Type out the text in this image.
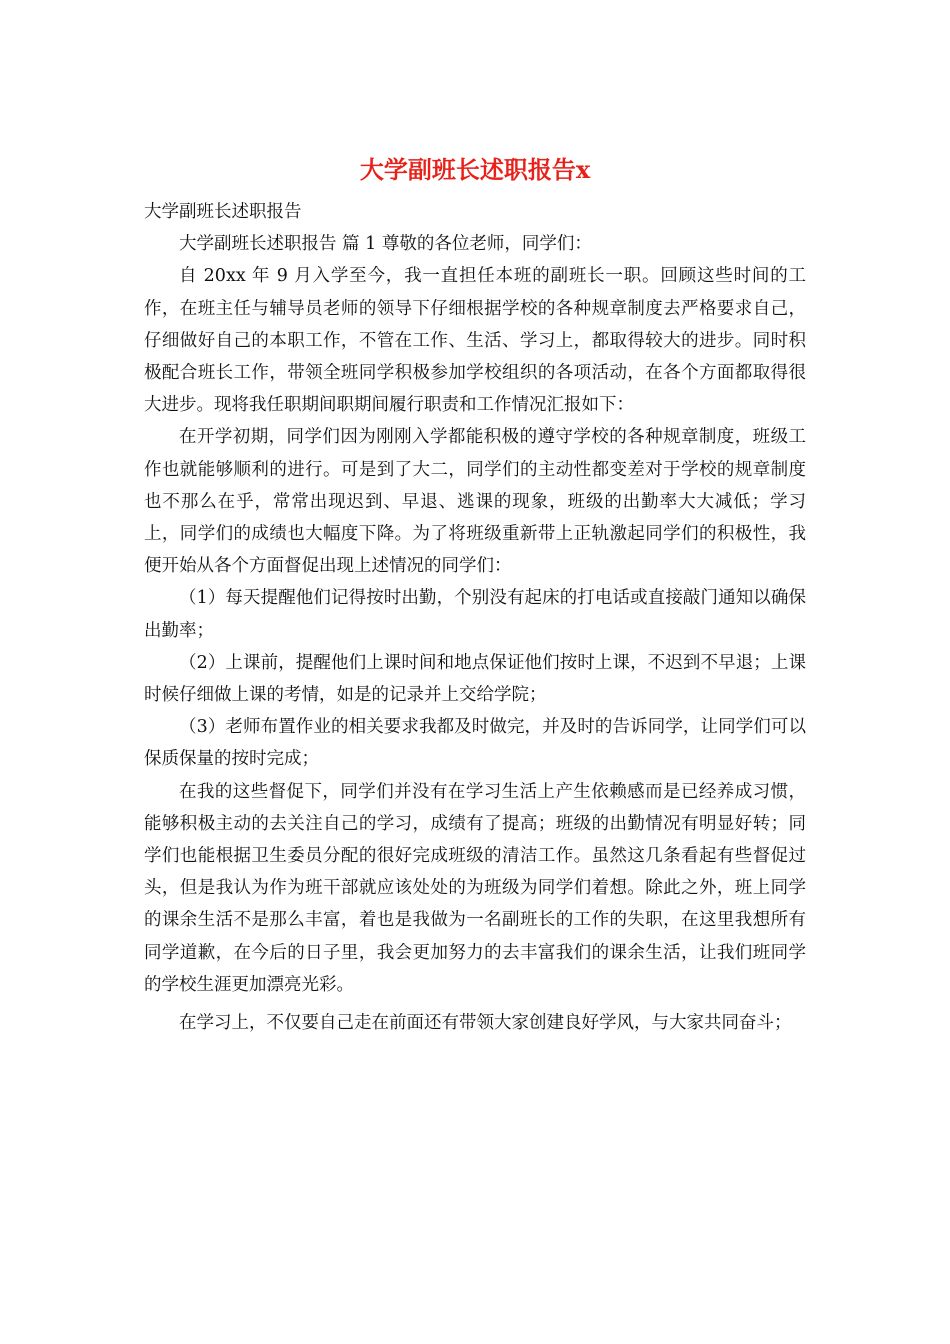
大学副班长述职报告x

大学副班长述职报告

大学副班长述职报告 篇 1 尊敬的各位老师，同学们：

自 20xx 年 9 月入学至今，我一直担任本班的副班长一职。回顾这些时间的工作，在班主任与辅导员老师的领导下仔细根据学校的各种规章制度去严格要求自己，仔细做好自己的本职工作，不管在工作、生活、学习上，都取得较大的进步。同时积极配合班长工作，带领全班同学积极参加学校组织的各项活动，在各个方面都取得很大进步。现将我任职期间职期间履行职责和工作情况汇报如下：

在开学初期，同学们因为刚刚入学都能积极的遵守学校的各种规章制度，班级工作也就能够顺利的进行。可是到了大二，同学们的主动性都变差对于学校的规章制度也不那么在乎，常常出现迟到、早退、逃课的现象，班级的出勤率大大减低；学习上，同学们的成绩也大幅度下降。为了将班级重新带上正轨激起同学们的积极性，我便开始从各个方面督促出现上述情况的同学们：

（1）每天提醒他们记得按时出勤，个别没有起床的打电话或直接敲门通知以确保出勤率；

（2）上课前，提醒他们上课时间和地点保证他们按时上课，不迟到不早退；上课时候仔细做上课的考情，如是的记录并上交给学院；

（3）老师布置作业的相关要求我都及时做完，并及时的告诉同学，让同学们可以保质保量的按时完成；

在我的这些督促下，同学们并没有在学习生活上产生依赖感而是已经养成习惯，能够积极主动的去关注自己的学习，成绩有了提高；班级的出勤情况有明显好转；同学们也能根据卫生委员分配的很好完成班级的清洁工作。虽然这几条看起有些督促过头，但是我认为作为班干部就应该处处的为班级为同学们着想。除此之外，班上同学的课余生活不是那么丰富，着也是我做为一名副班长的工作的失职，在这里我想所有同学道歉，在今后的日子里，我会更加努力的去丰富我们的课余生活，让我们班同学的学校生涯更加漂亮光彩。

在学习上，不仅要自己走在前面还有带领大家创建良好学风，与大家共同奋斗；
